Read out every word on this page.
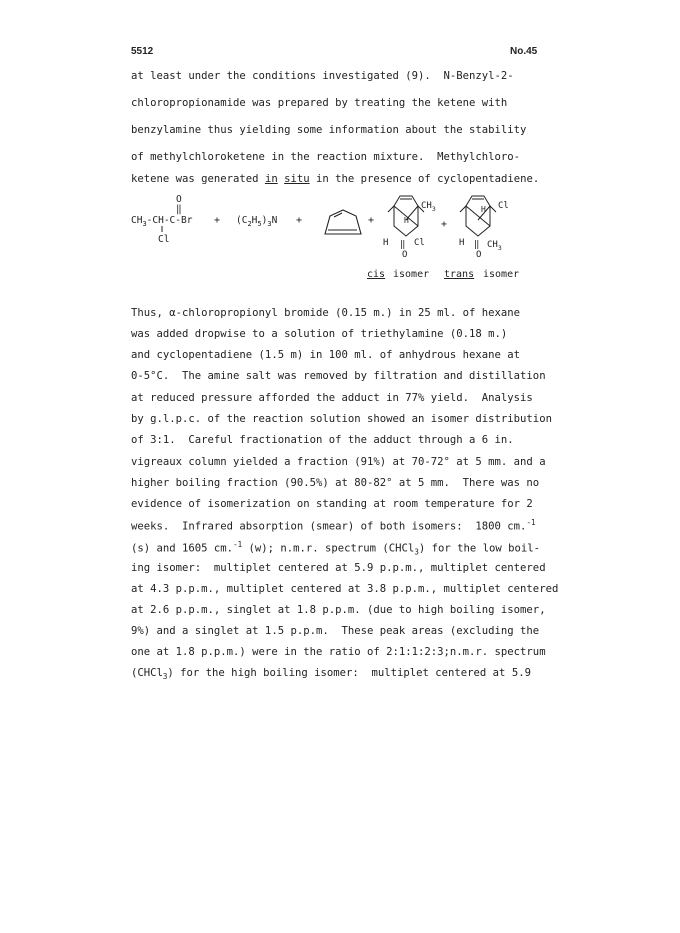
5512	No.45
at least under the conditions investigated (9).  N-Benzyl-2-
chloropropionamide was prepared by treating the ketene with
benzylamine thus yielding some information about the stability
of methylchloroketene in the reaction mixture.  Methylchloro-
ketene was generated in situ in the presence of cyclopentadiene.
O
‖
$CH_3-CH-C-Br$
Cl
+ $(C_2H_5)_3N$ +	+
$CH_3$
H
H ‖ Cl
O
+
Cl
H
H ‖ $CH_3$
O
cis isomer trans isomer
Thus, α-chloropropionyl bromide (0.15 m.) in 25 ml. of hexane
was added dropwise to a solution of triethylamine (0.18 m.)
and cyclopentadiene (1.5 m) in 100 ml. of anhydrous hexane at
0-5°C.  The amine salt was removed by filtration and distillation
at reduced pressure afforded the adduct in 77% yield.  Analysis
by g.l.p.c. of the reaction solution showed an isomer distribution
of 3:1.  Careful fractionation of the adduct through a 6 in.
vigreaux column yielded a fraction (91%) at 70-72° at 5 mm. and a
higher boiling fraction (90.5%) at 80-82° at 5 mm.  There was no
evidence of isomerization on standing at room temperature for 2
weeks.  Infrared absorption (smear) of both isomers:  1800 cm.$^{-1}$
(s) and 1605 cm.$^{-1}$ (w); n.m.r. spectrum (CHCl$_3$) for the low boil-
ing isomer:  multiplet centered at 5.9 p.p.m., multiplet centered
at 4.3 p.p.m., multiplet centered at 3.8 p.p.m., multiplet centered
at 2.6 p.p.m., singlet at 1.8 p.p.m. (due to high boiling isomer,
9%) and a singlet at 1.5 p.p.m.  These peak areas (excluding the
one at 1.8 p.p.m.) were in the ratio of 2:1:1:2:3;n.m.r. spectrum
(CHCl$_3$) for the high boiling isomer:  multiplet centered at 5.9
